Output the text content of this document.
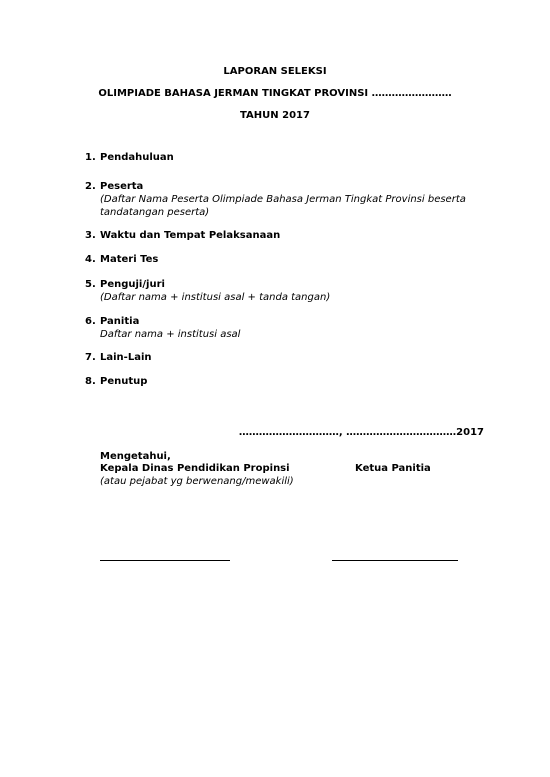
LAPORAN SELEKSI
OLIMPIADE BAHASA JERMAN TINGKAT PROVINSI ……………………
TAHUN 2017
1. Pendahuluan
2. Peserta
(Daftar Nama Peserta Olimpiade Bahasa Jerman Tingkat Provinsi beserta
tandatangan peserta)
3. Waktu dan Tempat Pelaksanaan
4. Materi Tes
5. Penguji/juri
(Daftar nama + institusi asal + tanda tangan)
6. Panitia
Daftar nama + institusi asal
7. Lain-Lain
8. Penutup
…………………………, ……………………………2017
Mengetahui,
Kepala Dinas Pendidikan Propinsi	Ketua Panitia
(atau pejabat yg berwenang/mewakili)
